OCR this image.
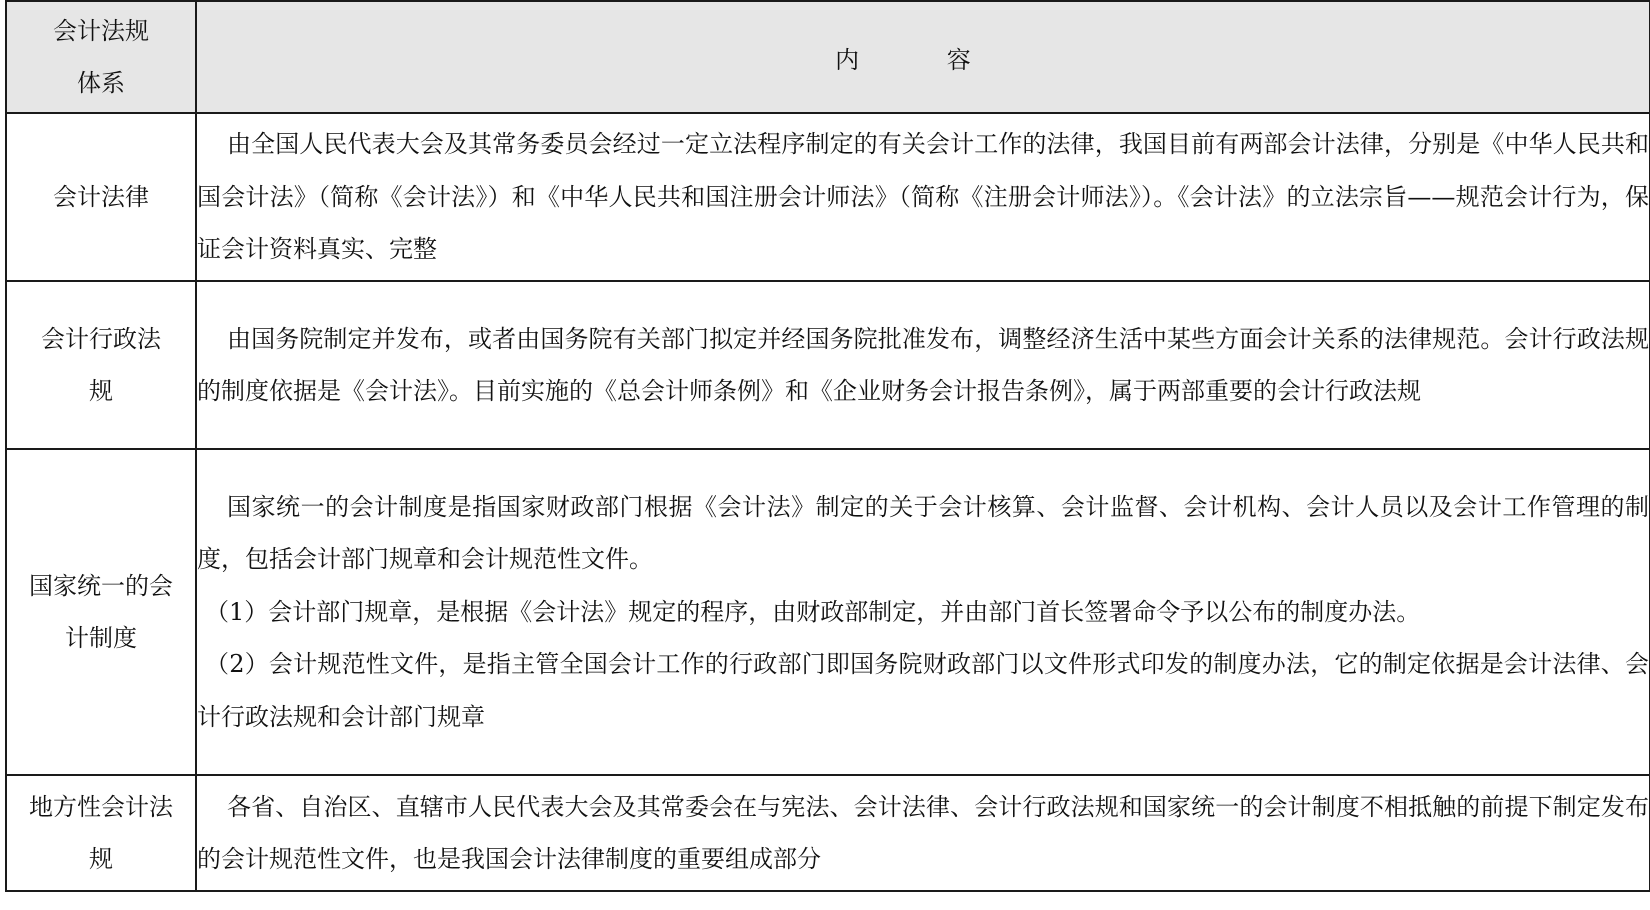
会计法规体系	内 容

会计法律	由全国人民代表大会及其常务委员会经过一定立法程序制定的有关会计工作的法律，我国目前有两部会计法律，分别是《中华人民共和国会计法》（简称《会计法》）和《中华人民共和国注册会计师法》（简称《注册会计师法》）。《会计法》的立法宗旨——规范会计行为，保证会计资料真实、完整

会计行政法规	由国务院制定并发布，或者由国务院有关部门拟定并经国务院批准发布，调整经济生活中某些方面会计关系的法律规范。会计行政法规的制度依据是《会计法》。目前实施的《总会计师条例》和《企业财务会计报告条例》，属于两部重要的会计行政法规

国家统一的会计制度	国家统一的会计制度是指国家财政部门根据《会计法》制定的关于会计核算、会计监督、会计机构、会计人员以及会计工作管理的制度，包括会计部门规章和会计规范性文件。

（1）会计部门规章，是根据《会计法》规定的程序，由财政部制定，并由部门首长签署命令予以公布的制度办法。

（2）会计规范性文件，是指主管全国会计工作的行政部门即国务院财政部门以文件形式印发的制度办法，它的制定依据是会计法律、会计行政法规和会计部门规章

地方性会计法规	各省、自治区、直辖市人民代表大会及其常委会在与宪法、会计法律、会计行政法规和国家统一的会计制度不相抵触的前提下制定发布的会计规范性文件，也是我国会计法律制度的重要组成部分
